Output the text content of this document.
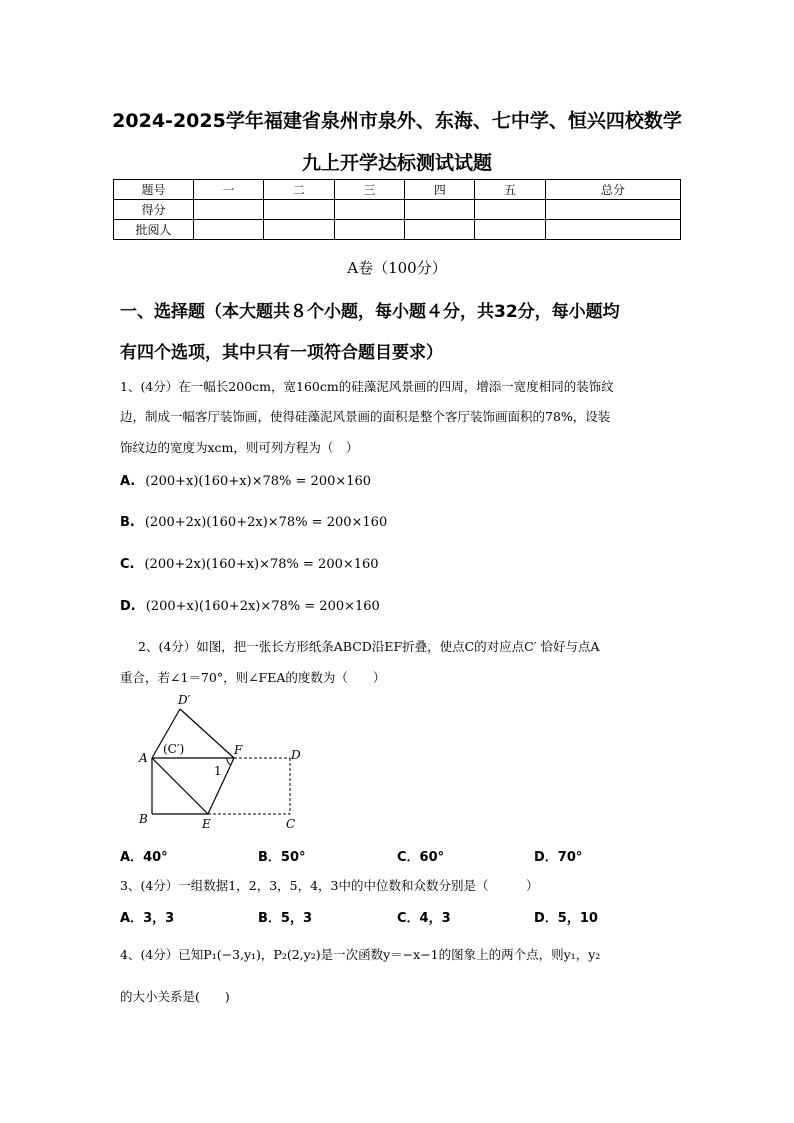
2024-2025学年福建省泉州市泉外、东海、七中学、恒兴四校数学
九上开学达标测试试题
题号	一	二	三	四	五	总分
得分						
批阅人						
A卷（100分）
一、选择题（本大题共８个小题，每小题４分，共32分，每小题均
有四个选项，其中只有一项符合题目要求）
1、(4分）在一幅长200cm，宽160cm的硅藻泥风景画的四周，增添一宽度相同的装饰纹
边，制成一幅客厅装饰画，使得硅藻泥风景画的面积是整个客厅装饰画面积的78%，设装
饰纹边的宽度为xcm，则可列方程为（　）
A. (200+x)(160+x)×78% = 200×160
B. (200+2x)(160+2x)×78% = 200×160
C. (200+2x)(160+x)×78% = 200×160
D. (200+x)(160+2x)×78% = 200×160
2、(4分）如图，把一张长方形纸条ABCD沿EF折叠，使点C的对应点C′ 恰好与点A
重合，若∠1＝70°，则∠FEA的度数为（　　）
D′
A
(C′)	F	D
1
B	E	C
A．40°	B．50°	C．60°	D．70°
3、(4分）一组数据1，2，3，5，4，3中的中位数和众数分别是（　　　）
A．3，3	B．5，3	C．4，3	D．5，10
4、(4分）已知P₁(−3,y₁)，P₂(2,y₂)是一次函数y＝−x−1的图象上的两个点，则y₁，y₂
的大小关系是(　　)
